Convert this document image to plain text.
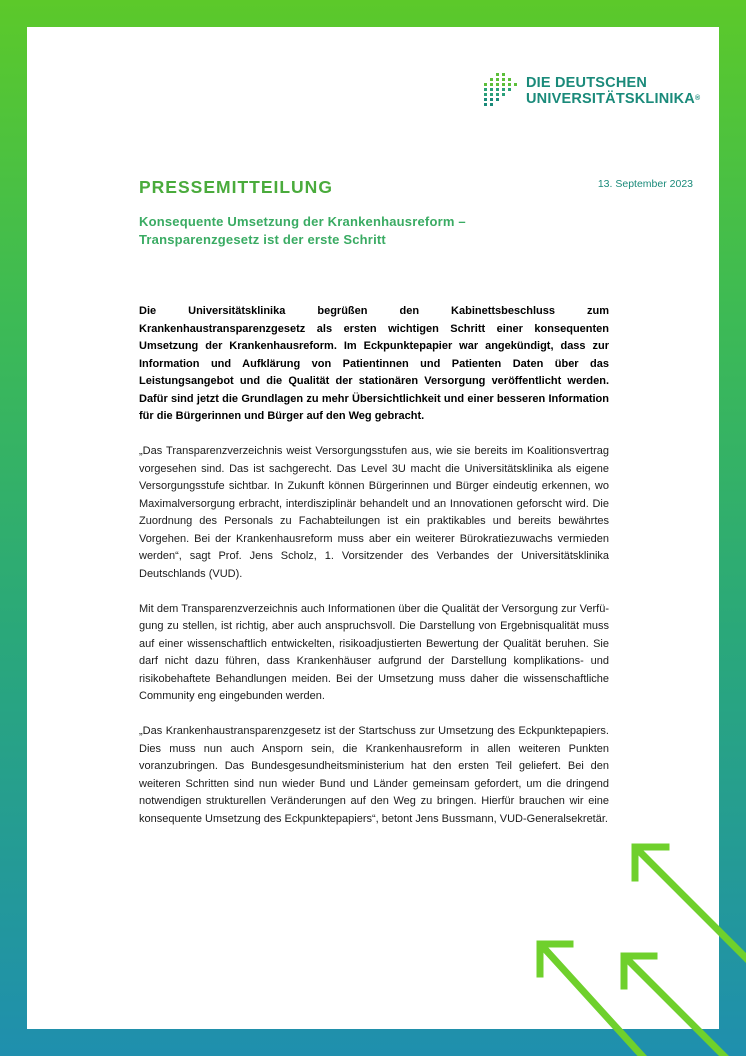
DIE DEUTSCHEN
UNIVERSITÄTSKLINIKA®
13. September 2023
PRESSEMITTEILUNG
Konsequente Umsetzung der Krankenhausreform –
Transparenzgesetz ist der erste Schritt

Die Universitätsklinika begrüßen den Kabinettsbeschluss zum Krankenhaustransparenzgesetz als ersten wichtigen Schritt einer konsequenten Umsetzung der Krankenhausreform. Im Eckpunktepapier war angekündigt, dass zur Information und Aufklärung von Patientinnen und Patienten Daten über das Leistungsangebot und die Qualität der stationären Versorgung veröffentlicht werden. Dafür sind jetzt die Grundlagen zu mehr Übersichtlichkeit und einer besseren Information für die Bürgerinnen und Bürger auf den Weg gebracht.

„Das Transparenzverzeichnis weist Versorgungsstufen aus, wie sie bereits im Koalitionsvertrag vorgesehen sind. Das ist sachgerecht. Das Level 3U macht die Universitätsklinika als eigene Versorgungsstufe sichtbar. In Zukunft können Bürgerinnen und Bürger eindeutig erkennen, wo Maximalversorgung erbracht, interdisziplinär behandelt und an Innovationen geforscht wird. Die Zuordnung des Personals zu Fachabteilungen ist ein praktikables und bereits bewährtes Vorgehen. Bei der Krankenhausreform muss aber ein weiterer Bürokratiezuwachs vermieden werden“, sagt Prof. Jens Scholz, 1. Vorsitzender des Verbandes der Universitätsklinika Deutschlands (VUD).

Mit dem Transparenzverzeichnis auch Informationen über die Qualität der Versorgung zur Verfügung zu stellen, ist richtig, aber auch anspruchsvoll. Die Darstellung von Ergebnisqualität muss auf einer wissenschaftlich entwickelten, risikoadjustierten Bewertung der Qualität beruhen. Sie darf nicht dazu führen, dass Krankenhäuser aufgrund der Darstellung komplikations- und risikobehaftete Behandlungen meiden. Bei der Umsetzung muss daher die wissenschaftliche Community eng eingebunden werden.

„Das Krankenhaustransparenzgesetz ist der Startschuss zur Umsetzung des Eckpunktepapiers. Dies muss nun auch Ansporn sein, die Krankenhausreform in allen weiteren Punkten voranzubringen. Das Bundesgesundheitsministerium hat den ersten Teil geliefert. Bei den weiteren Schritten sind nun wieder Bund und Länder gemeinsam gefordert, um die dringend notwendigen strukturellen Veränderungen auf den Weg zu bringen. Hierfür brauchen wir eine konsequente Umsetzung des Eckpunktepapiers“, betont Jens Bussmann, VUD-Generalsekretär.
